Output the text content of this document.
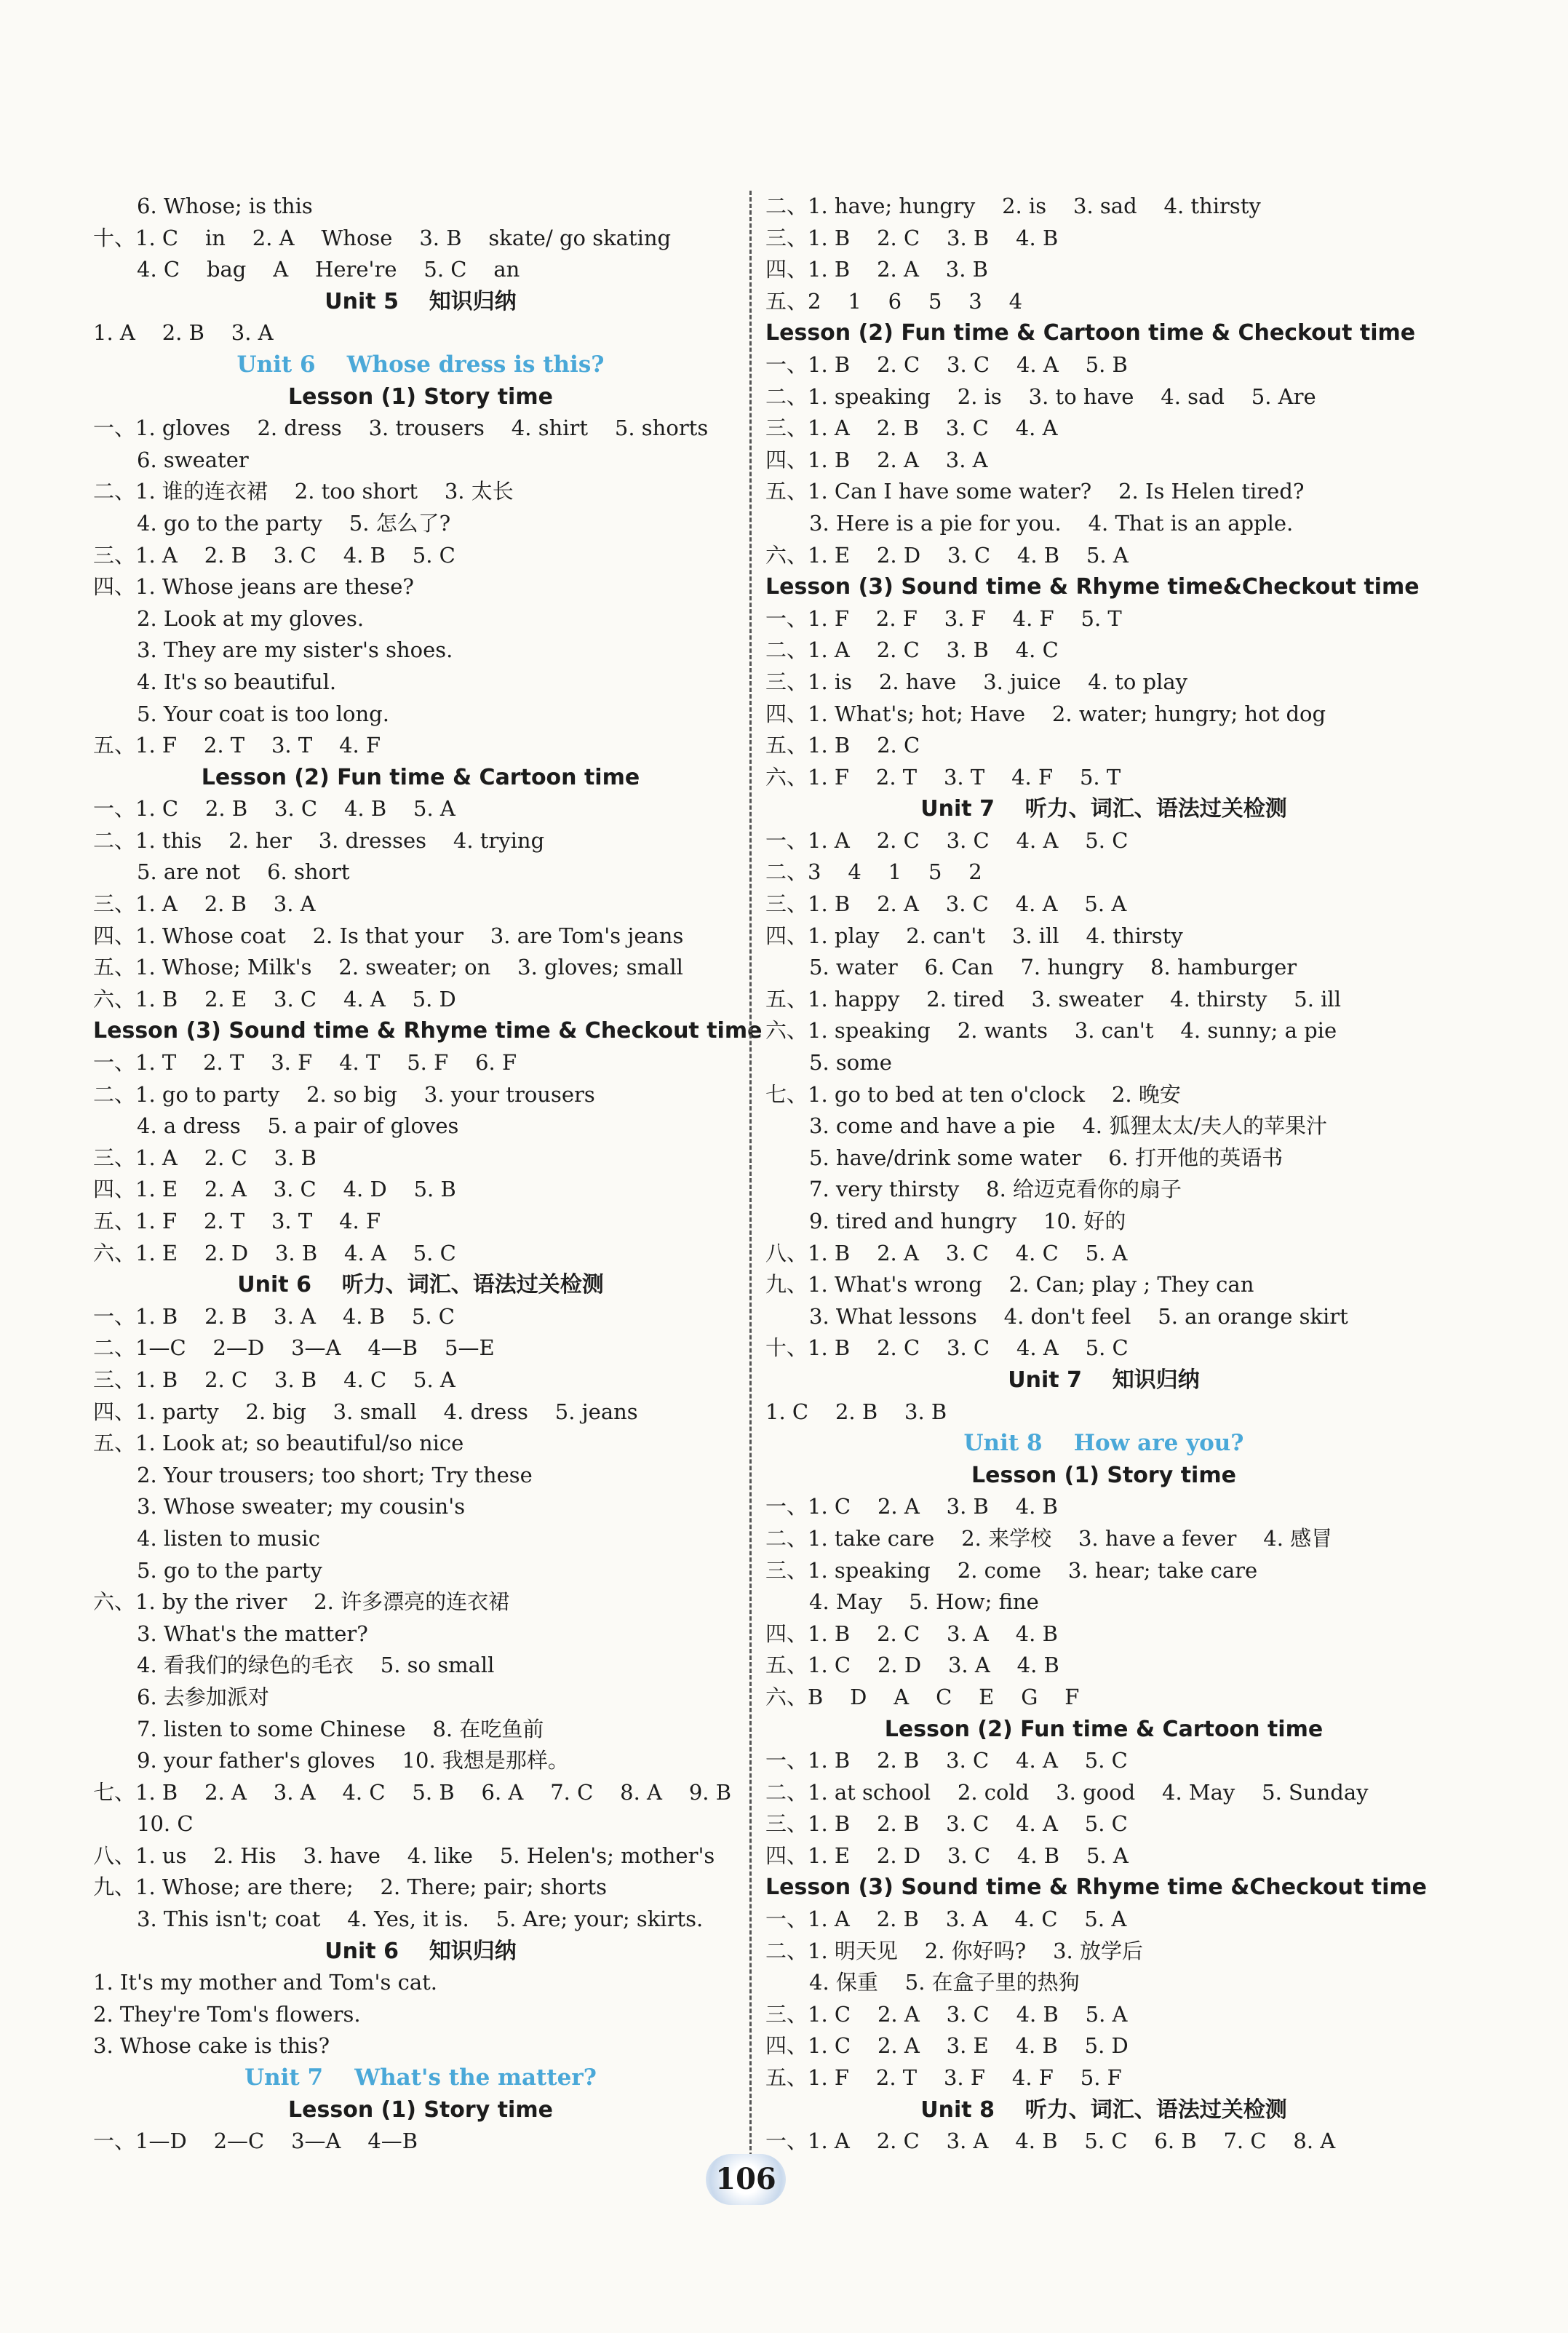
6. Whose; is this
十、1. C    in    2. A    Whose    3. B    skate/ go skating
4. C    bag    A    Here're    5. C    an
Unit 5    知识归纳
1. A    2. B    3. A
Unit 6    Whose dress is this?
Lesson (1) Story time
一、1. gloves    2. dress    3. trousers    4. shirt    5. shorts
6. sweater
二、1. 谁的连衣裙    2. too short    3. 太长
4. go to the party    5. 怎么了?
三、1. A    2. B    3. C    4. B    5. C
四、1. Whose jeans are these?
2. Look at my gloves.
3. They are my sister's shoes.
4. It's so beautiful.
5. Your coat is too long.
五、1. F    2. T    3. T    4. F
Lesson (2) Fun time & Cartoon time
一、1. C    2. B    3. C    4. B    5. A
二、1. this    2. her    3. dresses    4. trying
5. are not    6. short
三、1. A    2. B    3. A
四、1. Whose coat    2. Is that your    3. are Tom's jeans
五、1. Whose; Milk's    2. sweater; on    3. gloves; small
六、1. B    2. E    3. C    4. A    5. D
Lesson (3) Sound time & Rhyme time & Checkout time
一、1. T    2. T    3. F    4. T    5. F    6. F
二、1. go to party    2. so big    3. your trousers
4. a dress    5. a pair of gloves
三、1. A    2. C    3. B
四、1. E    2. A    3. C    4. D    5. B
五、1. F    2. T    3. T    4. F
六、1. E    2. D    3. B    4. A    5. C
Unit 6    听力、词汇、语法过关检测
一、1. B    2. B    3. A    4. B    5. C
二、1—C    2—D    3—A    4—B    5—E
三、1. B    2. C    3. B    4. C    5. A
四、1. party    2. big    3. small    4. dress    5. jeans
五、1. Look at; so beautiful/so nice
2. Your trousers; too short; Try these
3. Whose sweater; my cousin's
4. listen to music
5. go to the party
六、1. by the river    2. 许多漂亮的连衣裙
3. What's the matter?
4. 看我们的绿色的毛衣    5. so small
6. 去参加派对
7. listen to some Chinese    8. 在吃鱼前
9. your father's gloves    10. 我想是那样。
七、1. B    2. A    3. A    4. C    5. B    6. A    7. C    8. A    9. B
10. C
八、1. us    2. His    3. have    4. like    5. Helen's; mother's
九、1. Whose; are there;    2. There; pair; shorts
3. This isn't; coat    4. Yes, it is.    5. Are; your; skirts.
Unit 6    知识归纳
1. It's my mother and Tom's cat.
2. They're Tom's flowers.
3. Whose cake is this?
Unit 7    What's the matter?
Lesson (1) Story time
一、1—D    2—C    3—A    4—B
二、1. have; hungry    2. is    3. sad    4. thirsty
三、1. B    2. C    3. B    4. B
四、1. B    2. A    3. B
五、2    1    6    5    3    4
Lesson (2) Fun time & Cartoon time & Checkout time
一、1. B    2. C    3. C    4. A    5. B
二、1. speaking    2. is    3. to have    4. sad    5. Are
三、1. A    2. B    3. C    4. A
四、1. B    2. A    3. A
五、1. Can I have some water?    2. Is Helen tired?
3. Here is a pie for you.    4. That is an apple.
六、1. E    2. D    3. C    4. B    5. A
Lesson (3) Sound time & Rhyme time&Checkout time
一、1. F    2. F    3. F    4. F    5. T
二、1. A    2. C    3. B    4. C
三、1. is    2. have    3. juice    4. to play
四、1. What's; hot; Have    2. water; hungry; hot dog
五、1. B    2. C
六、1. F    2. T    3. T    4. F    5. T
Unit 7    听力、词汇、语法过关检测
一、1. A    2. C    3. C    4. A    5. C
二、3    4    1    5    2
三、1. B    2. A    3. C    4. A    5. A
四、1. play    2. can't    3. ill    4. thirsty
5. water    6. Can    7. hungry    8. hamburger
五、1. happy    2. tired    3. sweater    4. thirsty    5. ill
六、1. speaking    2. wants    3. can't    4. sunny; a pie
5. some
七、1. go to bed at ten o'clock    2. 晚安
3. come and have a pie    4. 狐狸太太/夫人的苹果汁
5. have/drink some water    6. 打开他的英语书
7. very thirsty    8. 给迈克看你的扇子
9. tired and hungry    10. 好的
八、1. B    2. A    3. C    4. C    5. A
九、1. What's wrong    2. Can; play ; They can
3. What lessons    4. don't feel    5. an orange skirt
十、1. B    2. C    3. C    4. A    5. C
Unit 7    知识归纳
1. C    2. B    3. B
Unit 8    How are you?
Lesson (1) Story time
一、1. C    2. A    3. B    4. B
二、1. take care    2. 来学校    3. have a fever    4. 感冒
三、1. speaking    2. come    3. hear; take care
4. May    5. How; fine
四、1. B    2. C    3. A    4. B
五、1. C    2. D    3. A    4. B
六、B    D    A    C    E    G    F
Lesson (2) Fun time & Cartoon time
一、1. B    2. B    3. C    4. A    5. C
二、1. at school    2. cold    3. good    4. May    5. Sunday
三、1. B    2. B    3. C    4. A    5. C
四、1. E    2. D    3. C    4. B    5. A
Lesson (3) Sound time & Rhyme time &Checkout time
一、1. A    2. B    3. A    4. C    5. A
二、1. 明天见    2. 你好吗?    3. 放学后
4. 保重    5. 在盒子里的热狗
三、1. C    2. A    3. C    4. B    5. A
四、1. C    2. A    3. E    4. B    5. D
五、1. F    2. T    3. F    4. F    5. F
Unit 8    听力、词汇、语法过关检测
一、1. A    2. C    3. A    4. B    5. C    6. B    7. C    8. A
106
